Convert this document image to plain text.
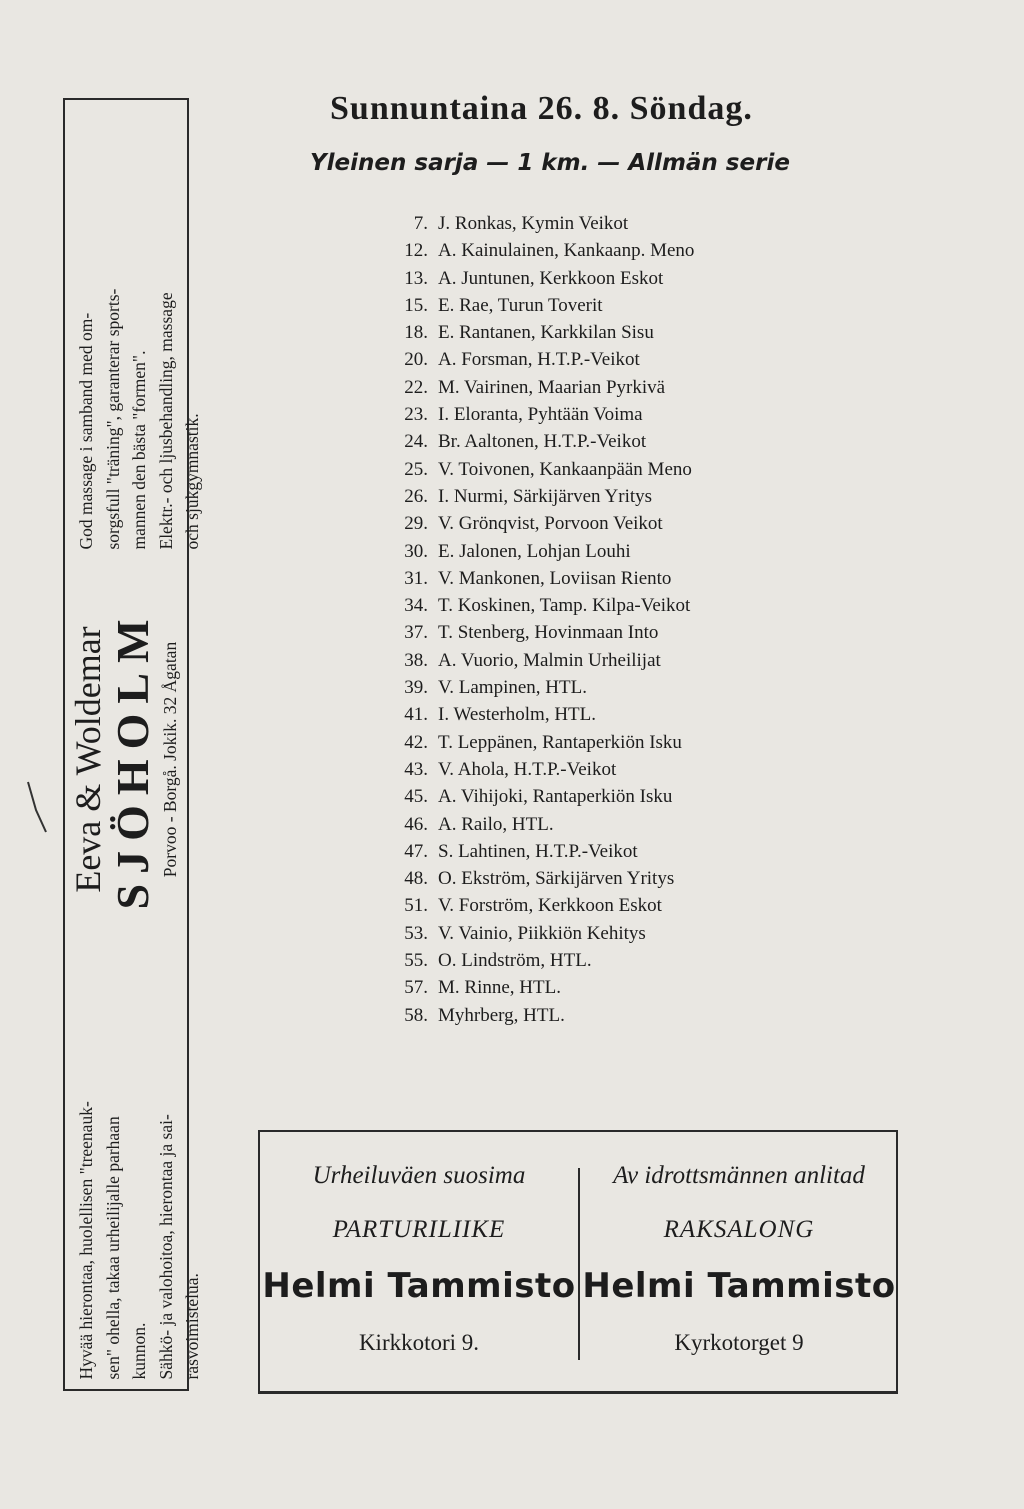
Hyvää hierontaa, huolellisen "treenauk- sen" ohella, takaa urheilijalle parhaan kunnon. Sähkö- ja valohoitoa, hierontaa ja sai- rasvoimistelua.

Eeva & Woldemar

SJÖHOLM Porvoo - Borgå. Jokik. 32 Ågatan

God massage i samband med om- sorgsfull "träning", garanterar sports- mannen den bästa "formen". Elektr.- och ljusbehandling, massage och sjukgymnastik.

Sunnuntaina 26. 8. Söndag.
Yleinen sarja — 1 km. — Allmän serie
7. J. Ronkas, Kymin Veikot
12. A. Kainulainen, Kankaanp. Meno
13. A. Juntunen, Kerkkoon Eskot
15. E. Rae, Turun Toverit
18. E. Rantanen, Karkkilan Sisu
20. A. Forsman, H.T.P.-Veikot
22. M. Vairinen, Maarian Pyrkivä
23. I. Eloranta, Pyhtään Voima
24. Br. Aaltonen, H.T.P.-Veikot
25. V. Toivonen, Kankaanpään Meno
26. I. Nurmi, Särkijärven Yritys
29. V. Grönqvist, Porvoon Veikot
30. E. Jalonen, Lohjan Louhi
31. V. Mankonen, Loviisan Riento
34. T. Koskinen, Tamp. Kilpa-Veikot
37. T. Stenberg, Hovinmaan Into
38. A. Vuorio, Malmin Urheilijat
39. V. Lampinen, HTL.
41. I. Westerholm, HTL.
42. T. Leppänen, Rantaperkiön Isku
43. V. Ahola, H.T.P.-Veikot
45. A. Vihijoki, Rantaperkiön Isku
46. A. Railo, HTL.
47. S. Lahtinen, H.T.P.-Veikot
48. O. Ekström, Särkijärven Yritys
51. V. Forström, Kerkkoon Eskot
53. V. Vainio, Piikkiön Kehitys
55. O. Lindström, HTL.
57. M. Rinne, HTL.
58. Myhrberg, HTL.
Urheiluväen suosima
PARTURILIIKE
Helmi Tammisto
Kirkkotori 9.
Av idrottsmännen anlitad
RAKSALONG
Helmi Tammisto
Kyrkotorget 9
